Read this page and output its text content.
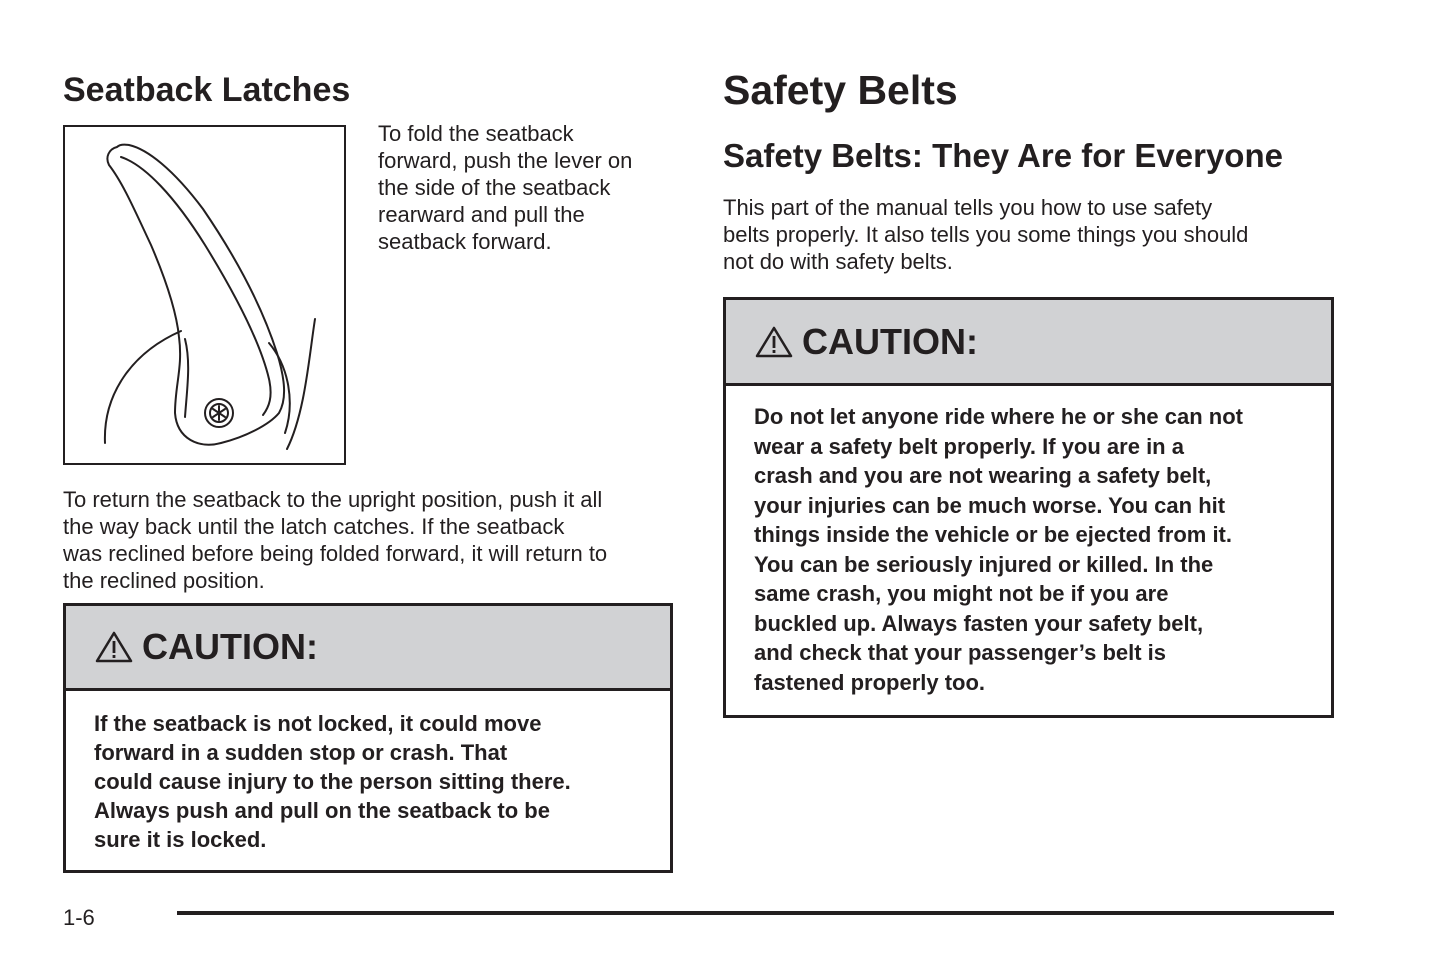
Seatback Latches

To fold the seatback

forward, push the lever on

the side of the seatback

rearward and pull the

seatback forward.

To return the seatback to the upright position, push it all

the way back until the latch catches. If the seatback

was reclined before being folded forward, it will return to

the reclined position.

CAUTION:

If the seatback is not locked, it could move

forward in a sudden stop or crash. That

could cause injury to the person sitting there.

Always push and pull on the seatback to be

sure it is locked.

Safety Belts
Safety Belts: They Are for Everyone

This part of the manual tells you how to use safety

belts properly. It also tells you some things you should

not do with safety belts.

CAUTION:

Do not let anyone ride where he or she can not

wear a safety belt properly. If you are in a

crash and you are not wearing a safety belt,

your injuries can be much worse. You can hit

things inside the vehicle or be ejected from it.

You can be seriously injured or killed. In the

same crash, you might not be if you are

buckled up. Always fasten your safety belt,

and check that your passenger’s belt is

fastened properly too.

1-6
